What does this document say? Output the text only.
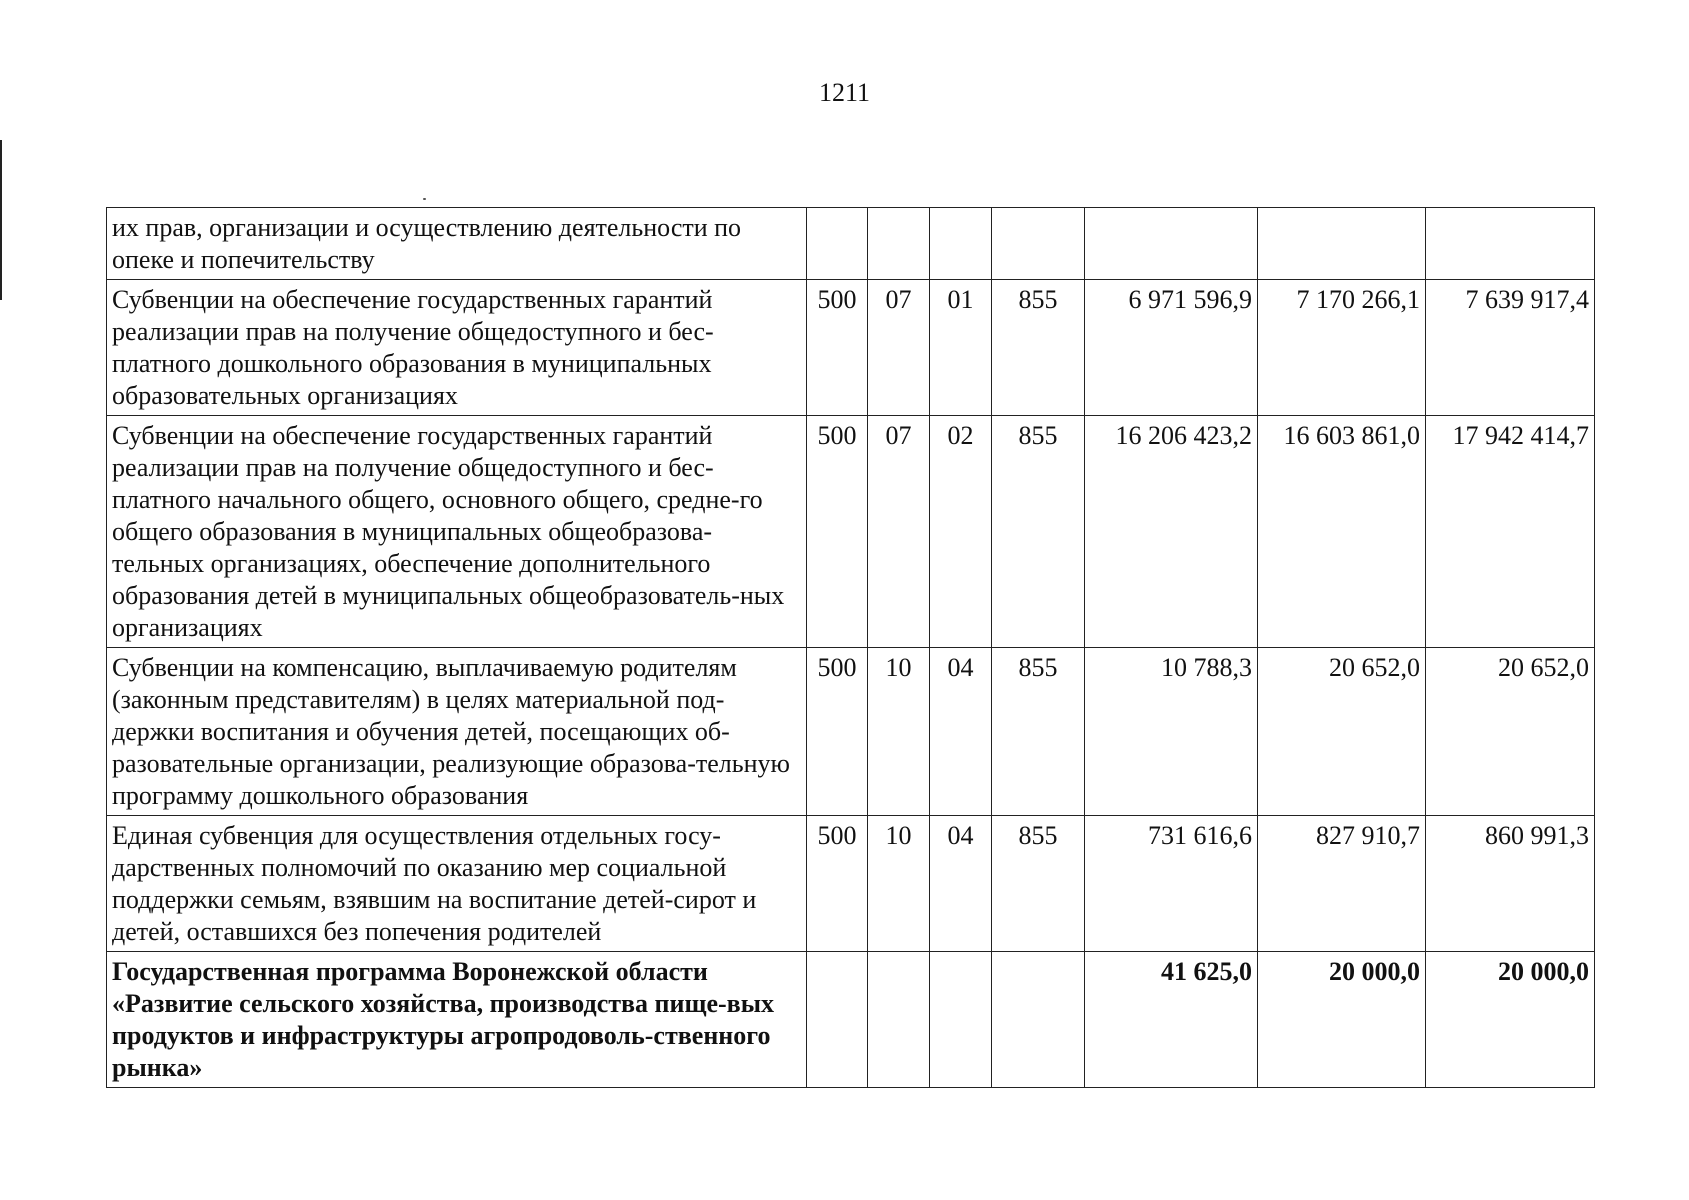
1211
их прав, организации и осуществлению деятельности по опеке и попечительству							
Субвенции на обеспечение государственных гарантий реализации прав на получение общедоступного и бес-платного дошкольного образования в муниципальных образовательных организациях	500	07	01	855	6 971 596,9	7 170 266,1	7 639 917,4
Субвенции на обеспечение государственных гарантий реализации прав на получение общедоступного и бес-платного начального общего, основного общего, средне-го общего образования в муниципальных общеобразова-тельных организациях, обеспечение дополнительного образования детей в муниципальных общеобразователь-ных организациях	500	07	02	855	16 206 423,2	16 603 861,0	17 942 414,7
Субвенции на компенсацию, выплачиваемую родителям (законным представителям) в целях материальной под-держки воспитания и обучения детей, посещающих об-разовательные организации, реализующие образова-тельную программу дошкольного образования	500	10	04	855	10 788,3	20 652,0	20 652,0
Единая субвенция для осуществления отдельных госу-дарственных полномочий по оказанию мер социальной поддержки семьям, взявшим на воспитание детей-сирот и детей, оставшихся без попечения родителей	500	10	04	855	731 616,6	827 910,7	860 991,3
Государственная программа Воронежской области «Развитие сельского хозяйства, производства пище-вых продуктов и инфраструктуры агропродоволь-ственного рынка»					41 625,0	20 000,0	20 000,0
